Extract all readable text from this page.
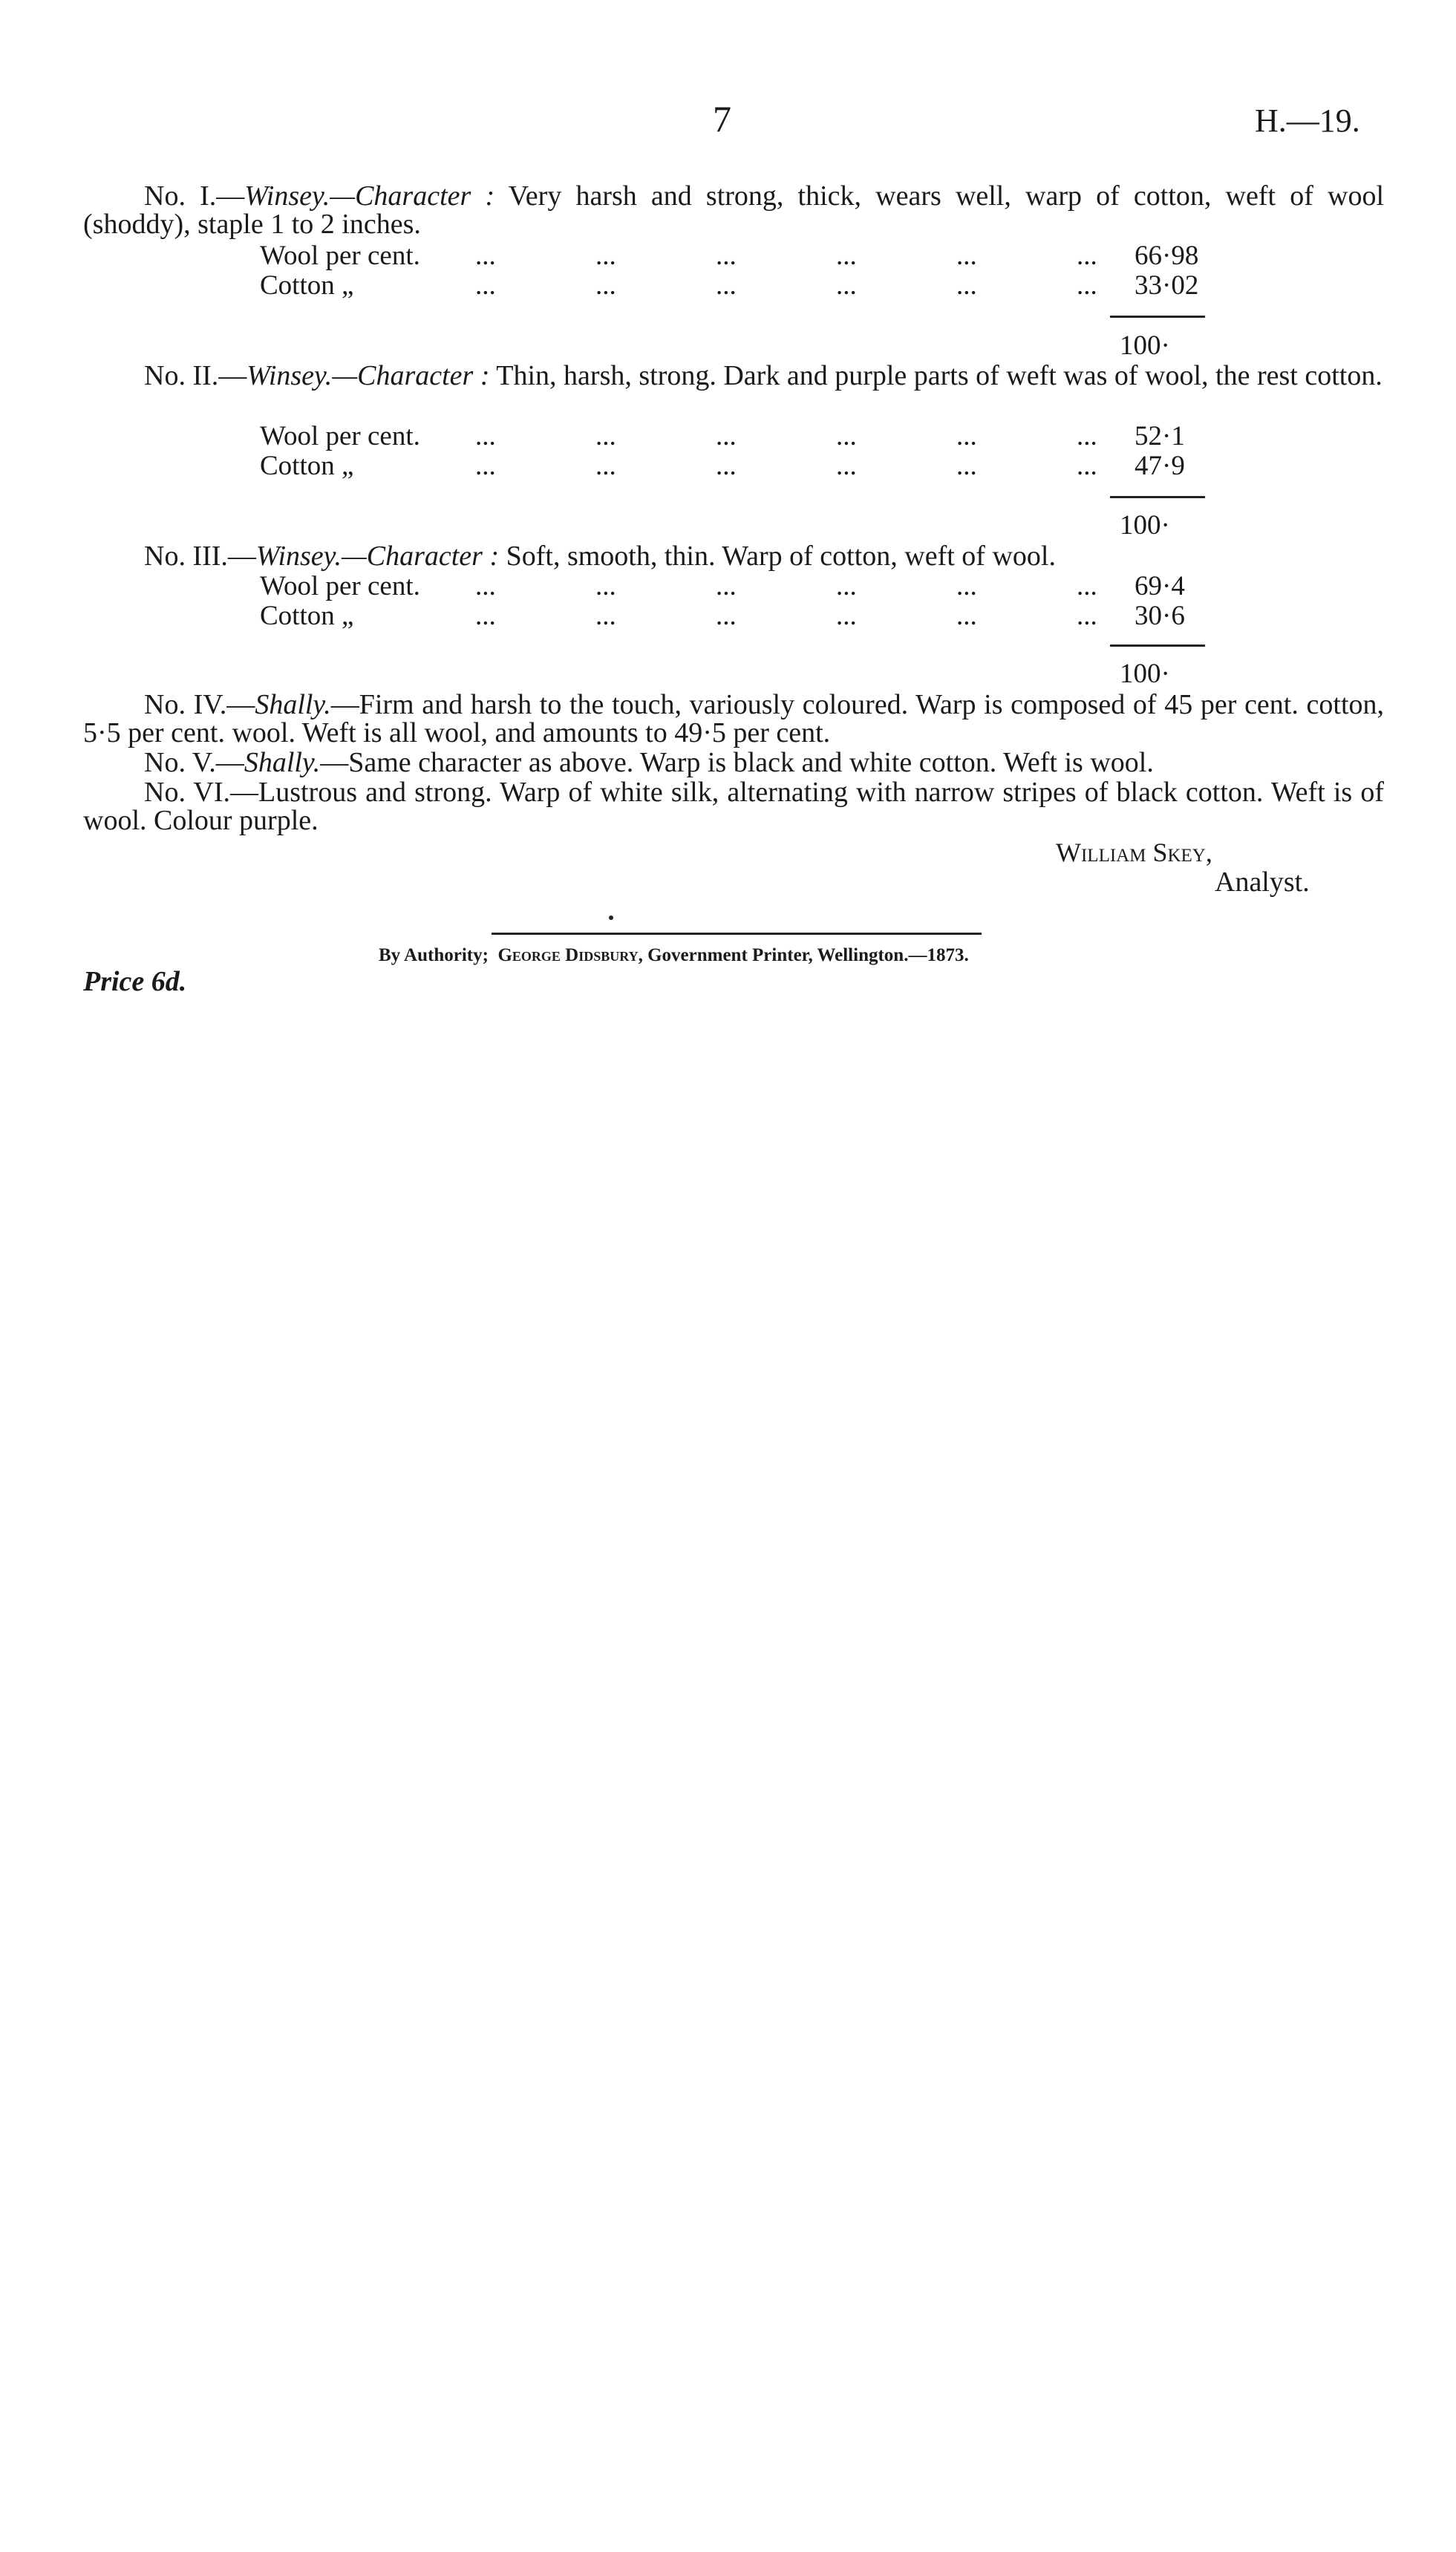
7	H.—19.
No. I.—Winsey.—Character : Very harsh and strong, thick, wears well, warp of cotton, weft of wool (shoddy), staple 1 to 2 inches.
Wool per cent. ...	...	...	...	...	... 66·98
Cotton „	...	...	...	...	...	... 33·02
100·
No. II.—Winsey.—Character : Thin, harsh, strong. Dark and purple parts of weft was of wool, the rest cotton.
Wool per cent. ...	...	...	...	...	... 52·1
Cotton „	...	...	...	...	...	... 47·9
100·
No. III.—Winsey.—Character : Soft, smooth, thin. Warp of cotton, weft of wool.
Wool per cent. ...	...	...	...	...	... 69·4
Cotton „	...	...	...	...	...	... 30·6
100·
No. IV.—Shally.—Firm and harsh to the touch, variously coloured. Warp is composed of 45 per cent. cotton, 5·5 per cent. wool. Weft is all wool, and amounts to 49·5 per cent.
No. V.—Shally.—Same character as above. Warp is black and white cotton. Weft is wool.
No. VI.—Lustrous and strong. Warp of white silk, alternating with narrow stripes of black cotton. Weft is of wool. Colour purple.
William Skey,
Analyst.
By Authority; George Didsbury, Government Printer, Wellington.—1873.
Price 6d.
